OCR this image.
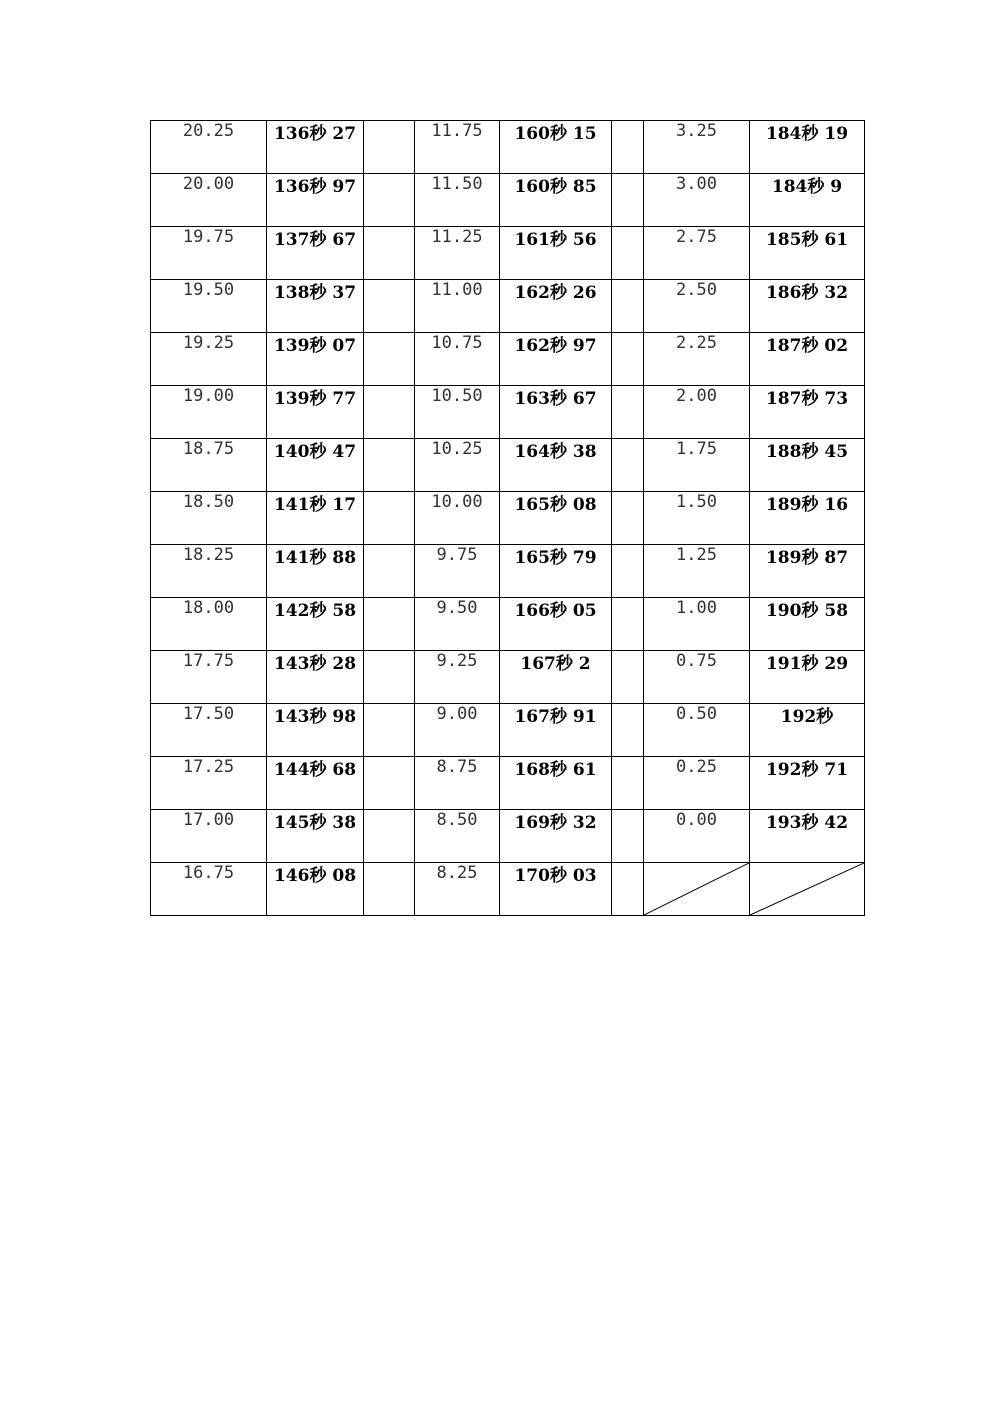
20.25	136秒 27		11.75	160秒 15		3.25	184秒 19
20.00	136秒 97		11.50	160秒 85		3.00	184秒 9
19.75	137秒 67		11.25	161秒 56		2.75	185秒 61
19.50	138秒 37		11.00	162秒 26		2.50	186秒 32
19.25	139秒 07		10.75	162秒 97		2.25	187秒 02
19.00	139秒 77		10.50	163秒 67		2.00	187秒 73
18.75	140秒 47		10.25	164秒 38		1.75	188秒 45
18.50	141秒 17		10.00	165秒 08		1.50	189秒 16
18.25	141秒 88		9.75	165秒 79		1.25	189秒 87
18.00	142秒 58		9.50	166秒 05		1.00	190秒 58
17.75	143秒 28		9.25	167秒 2		0.75	191秒 29
17.50	143秒 98		9.00	167秒 91		0.50	192秒
17.25	144秒 68		8.75	168秒 61		0.25	192秒 71
17.00	145秒 38		8.50	169秒 32		0.00	193秒 42
16.75	146秒 08		8.25	170秒 03		
